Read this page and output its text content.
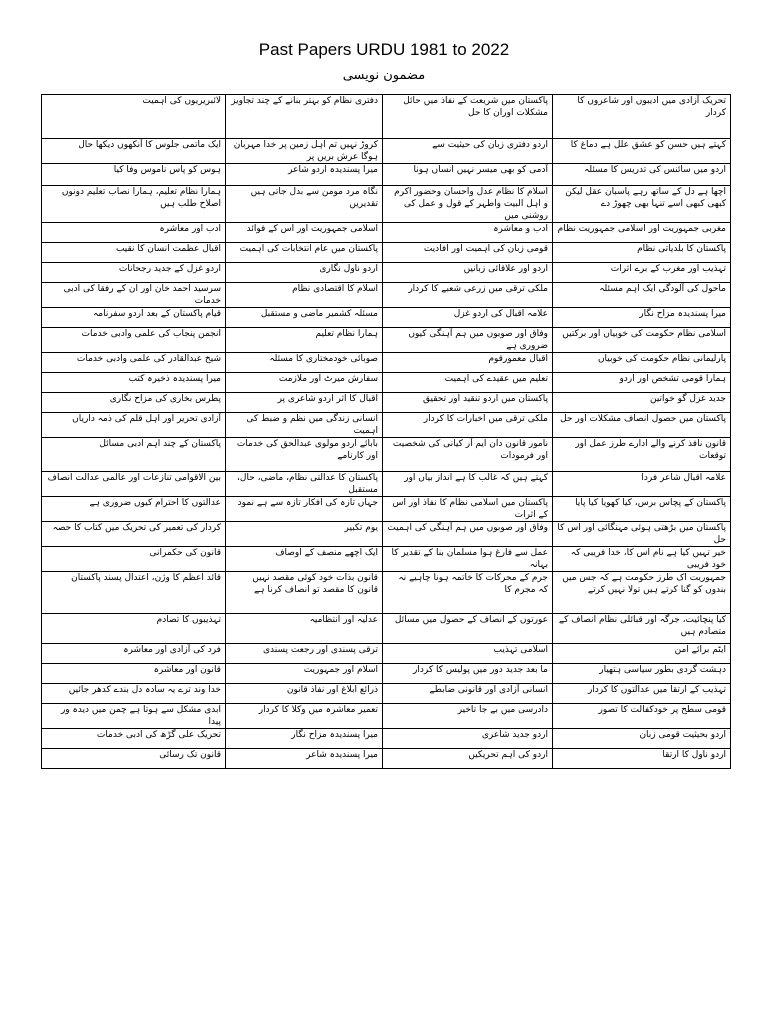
Past Papers URDU 1981 to 2022
مضمون نویسی
تحریک آزادی میں ادیبوں اور شاعروں کا کردار	پاکستان میں شریعت کے نفاذ میں حائل مشکلات اوران کا حل	دفتری نظام کو بہتر بنانے کے چند تجاویز	لائبریریوں کی اہمیت
کہتے ہیں حسن کو عشق علل ہے دماغ کا	اردو دفتری زبان کی حیثیت سے	کروڑ نہیں تم اہل زمین پر خدا مہربان ہوگا عرش بریں پر	ایک ماتمی جلوس کا آنکھوں دیکھا حال
اردو میں سائنس کی تدریس کا مسئلہ	آدمی کو بھی میسر نہیں انساں ہونا	میرا پسندیدہ اردو شاعر	ہوس کو پاس ناموس وفا کیا
اچھا ہے دل کے ساتھ رہے پاسبان عقل لیکن کبھی کبھی اسے تنہا بھی چھوڑ دے	اسلام کا نظام عدل واحسان وحضور اکرم و اہل البیت واطہر کے قول و عمل کی روشنی میں	نگاہ مرد مومن سے بدل جاتی ہیں تقدیریں	ہمارا نظام تعلیم، ہمارا نصاب تعلیم دونوں اصلاح طلب ہیں
مغربی جمہوریت اور اسلامی جمہوریت نظام	ادب و معاشرہ	اسلامی جمہوریت اور اس کے فوائد	ادب اور معاشرہ
پاکستان کا بلدیاتی نظام	قومی زبان کی اہمیت اور افادیت	پاکستان میں عام انتخابات کی اہمیت	اقبال عظمت انسان کا نقیب
تہذیب اور مغرب کے برے اثرات	اردو اور علاقائی زبانیں	اردو ناول نگاری	اردو غزل کے جدید رجحانات
ماحول کی آلودگی ایک اہم مسئلہ	ملکی ترقی میں زرعی شعبے کا کردار	اسلام کا اقتصادی نظام	سرسید احمد خان اور ان کے رفقا کی ادبی خدمات
میرا پسندیدہ مزاح نگار	علامہ اقبال کی اردو غزل	مسئلہ کشمیر ماضی و مستقبل	قیام پاکستان کے بعد اردو سفرنامہ
اسلامی نظام حکومت کی خوبیاں اور برکتیں	وفاق اور صوبوں میں ہم آہنگی کیوں ضروری ہے	ہمارا نظام تعلیم	انجمن پنجاب کی علمی وادبی خدمات
پارلیمانی نظام حکومت کی خوبیاں	اقبال معمورقوم	صوبائی خودمختاری کا مسئلہ	شیخ عبدالقادر کی علمی وادبی خدمات
ہمارا قومی تشخص اور اردو	تعلیم میں عقیدے کی اہمیت	سفارش میرٹ اور ملازمت	میرا پسندیدہ ذخیرہ کتب
جدید غزل گو خواتین	پاکستان میں اردو تنقید اور تحقیق	اقبال کا اثر اردو شاعری پر	پطرس بخاری کی مزاح نگاری
پاکستان میں حصول انصاف مشکلات اور حل	ملکی ترقی میں اخبارات کا کردار	انسانی زندگی میں نظم و ضبط کی اہمیت	آزادی تحریر اور اہل قلم کی ذمہ داریاں
قانون نافذ کرنے والے ادارے طرز عمل اور توقعات	نامور قانون دان ایم آر کیانی کی شخصیت اور فرمودات	بابائے اردو مولوی عبدالحق کی خدمات اور کارنامے	پاکستان کے چند اہم ادبی مسائل
علامہ اقبال شاعر فردا	کہتے ہیں کہ غالب کا ہے انداز بیاں اور	پاکستان کا عدالتی نظام، ماضی، حال، مستقبل	بین الاقوامی تنازعات اور عالمی عدالت انصاف
پاکستان کے پچاس برس، کیا کھویا کیا پایا	پاکستان میں اسلامی نظام کا نفاذ اور اس کے اثرات	جہاں تازہ کی افکار تازہ سے ہے نمود	عدالتوں کا احترام کیوں ضروری ہے
پاکستان میں بڑھتی ہوئی مہنگائی اور اس کا حل	وفاق اور صوبوں میں ہم آہنگی کی اہمیت	یوم تکبیر	کردار کی تعمیر کی تحریک میں کتاب کا حصہ
خیر تہیں کیا ہے نام اس کا، خدا فریبی کہ خود فریبی	عمل سے فارغ ہوا مسلمان بنا کے تقدیر کا بہانہ	ایک اچھے منصف کے اوصاف	قانون کی حکمرانی
جمہوریت اک طرز حکومت ہے کہ جس میں بندوں کو گنا کرتے ہیں تولا نہیں کرتے	جرم کے محرکات کا خاتمہ ہونا چاہیے نہ کہ مجرم کا	قانون بذات خود کوئی مقصد نہیں قانون کا مقصد تو انصاف کرنا ہے	قائد اعظم کا وژن، اعتدال پسند پاکستان
کیا پنچائیت، جرگہ اور قبائلی نظام انصاف کے متصادم ہیں	عورتوں کے انصاف کے حصول میں مسائل	عدلیہ اور انتظامیہ	تہذیبوں کا تصادم
ایٹم برائے امن	اسلامی تہذیب	ترقی پسندی اور رجعت پسندی	فرد کی آزادی اور معاشرہ
دہشت گردی بطور سیاسی ہتھیار	ما بعد جدید دور میں پولیس کا کردار	اسلام اور جمہوریت	قانون اور معاشرہ
تہذیب کے ارتقا میں عدالتوں کا کردار	انسانی آزادی اور قانونی ضابطے	ذرائع ابلاغ اور نفاذ قانون	خدا وند ترے یہ سادہ دل بندے کدھر جائیں
قومی سطح پر خودکفالت کا تصور	دادرسی میں بے جا تاخیر	تعمیر معاشرہ میں وکلا کا کردار	ابدی مشکل سے ہوتا ہے چمن میں دیدہ ور پیدا
اردو بحیثیت قومی زبان	اردو جدید شاعری	میرا پسندیدہ مزاح نگار	تحریک علی گڑھ کی ادبی خدمات
اردو ناول کا ارتقا	اردو کی اہم تحریکیں	میرا پسندیدہ شاعر	قانون تک رسائی
